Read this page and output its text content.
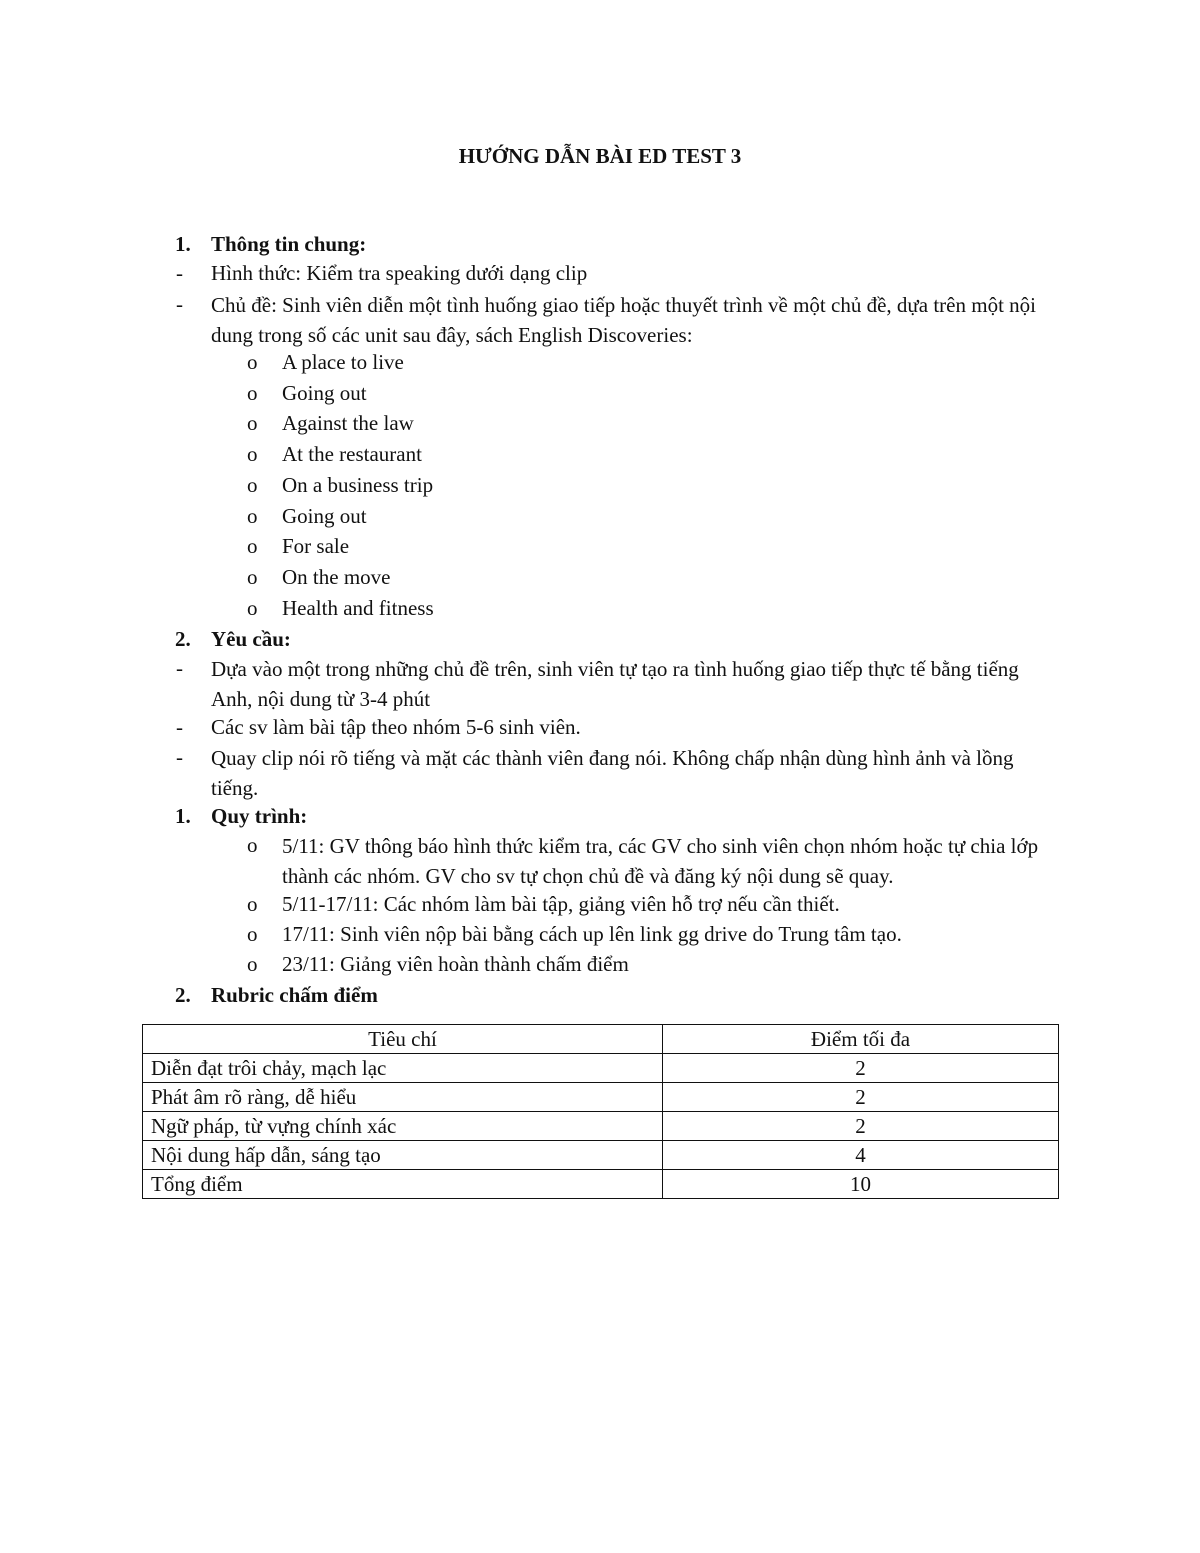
HƯỚNG DẪN BÀI ED TEST 3
1. Thông tin chung:
- Hình thức: Kiểm tra speaking dưới dạng clip
- Chủ đề: Sinh viên diễn một tình huống giao tiếp hoặc thuyết trình về một chủ đề, dựa trên một nội dung trong số các unit sau đây, sách English Discoveries:
o A place to live
o Going out
o Against the law
o At the restaurant
o On a business trip
o Going out
o For sale
o On the move
o Health and fitness
2. Yêu cầu:
- Dựa vào một trong những chủ đề trên, sinh viên tự tạo ra tình huống giao tiếp thực tế bằng tiếng Anh, nội dung từ 3-4 phút
- Các sv làm bài tập theo nhóm 5-6 sinh viên.
- Quay clip nói rõ tiếng và mặt các thành viên đang nói. Không chấp nhận dùng hình ảnh và lồng tiếng.
1. Quy trình:
o 5/11: GV thông báo hình thức kiểm tra, các GV cho sinh viên chọn nhóm hoặc tự chia lớp thành các nhóm. GV cho sv tự chọn chủ đề và đăng ký nội dung sẽ quay.
o 5/11-17/11: Các nhóm làm bài tập, giảng viên hỗ trợ nếu cần thiết.
o 17/11: Sinh viên nộp bài bằng cách up lên link gg drive do Trung tâm tạo.
o 23/11: Giảng viên hoàn thành chấm điểm
2. Rubric chấm điểm
Tiêu chí	Điểm tối đa
Diễn đạt trôi chảy, mạch lạc	2
Phát âm rõ ràng, dễ hiểu	2
Ngữ pháp, từ vựng chính xác	2
Nội dung hấp dẫn, sáng tạo	4
Tổng điểm	10
